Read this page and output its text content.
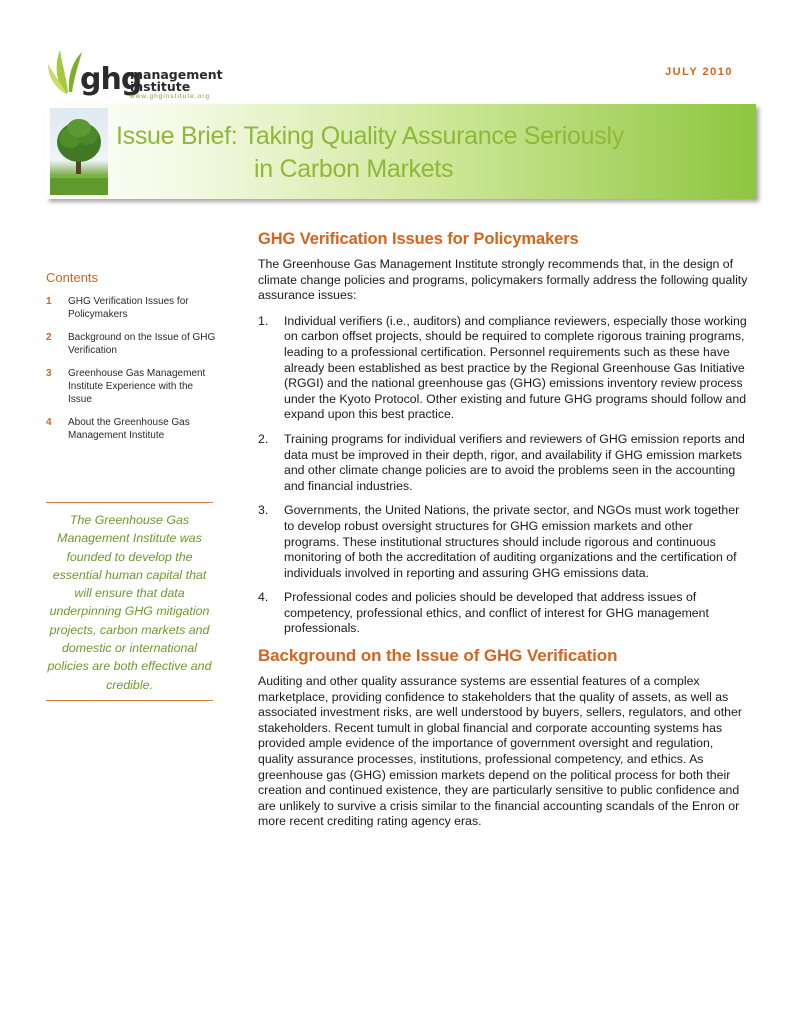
ghg
management
institute
www.ghginstitute.org
JULY 2010
Issue Brief: Taking Quality Assurance Seriously
in Carbon Markets
Contents
1	GHG Verification Issues for Policymakers
2	Background on the Issue of GHG Verification
3	Greenhouse Gas Management Institute Experience with the Issue
4	About the Greenhouse Gas Management Institute
The Greenhouse Gas Management Institute was founded to develop the essential human capital that will ensure that data underpinning GHG mitigation projects, carbon markets and domestic or international policies are both effective and credible.
GHG Verification Issues for Policymakers

The Greenhouse Gas Management Institute strongly recommends that, in the design of climate change policies and programs, policymakers formally address the following quality assurance issues:

1.	Individual verifiers (i.e., auditors) and compliance reviewers, especially those working on carbon offset projects, should be required to complete rigorous training programs, leading to a professional certification. Personnel requirements such as these have already been established as best practice by the Regional Greenhouse Gas Initiative (RGGI) and the national greenhouse gas (GHG) emissions inventory review process under the Kyoto Protocol. Other existing and future GHG programs should follow and expand upon this best practice.
2.	Training programs for individual verifiers and reviewers of GHG emission reports and data must be improved in their depth, rigor, and availability if GHG emission markets and other climate change policies are to avoid the problems seen in the accounting and financial industries.
3.	Governments, the United Nations, the private sector, and NGOs must work together to develop robust oversight structures for GHG emission markets and other programs. These institutional structures should include rigorous and continuous monitoring of both the accreditation of auditing organizations and the certification of individuals involved in reporting and assuring GHG emissions data.
4.	Professional codes and policies should be developed that address issues of competency, professional ethics, and conflict of interest for GHG management professionals.
Background on the Issue of GHG Verification

Auditing and other quality assurance systems are essential features of a complex marketplace, providing confidence to stakeholders that the quality of assets, as well as associated investment risks, are well understood by buyers, sellers, regulators, and other stakeholders. Recent tumult in global financial and corporate accounting systems has provided ample evidence of the importance of government oversight and regulation, quality assurance processes, institutions, professional competency, and ethics. As greenhouse gas (GHG) emission markets depend on the political process for both their creation and continued existence, they are particularly sensitive to public confidence and are unlikely to survive a crisis similar to the financial accounting scandals of the Enron or more recent crediting rating agency eras.
